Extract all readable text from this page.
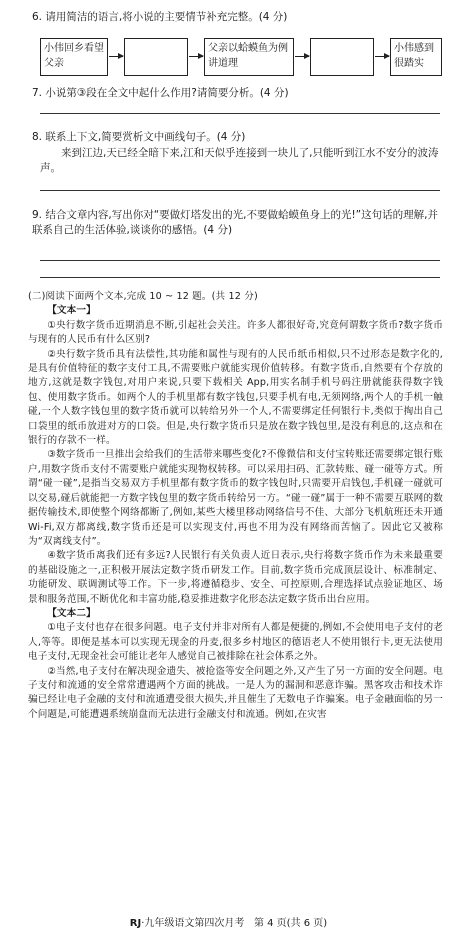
6. 请用简洁的语言,将小说的主要情节补充完整。(4 分)
小伟回乡看望父亲
父亲以蛤蟆鱼为例讲道理
小伟感到很踏实
7. 小说第③段在全文中起什么作用?请简要分析。(4 分)
8. 联系上下文,简要赏析文中画线句子。(4 分)
来到江边,天已经全暗下来,江和天似乎连接到一块儿了,只能听到江水不安分的波涛声。
9. 结合文章内容,写出你对“要做灯塔发出的光,不要做蛤蟆鱼身上的光!”这句话的理解,并联系自己的生活体验,谈谈你的感悟。(4 分)

(二)阅读下面两个文本,完成 10 ~ 12 题。(共 12 分)

【文本一】

①央行数字货币近期消息不断,引起社会关注。许多人都很好奇,究竟何谓数字货币?数字货币与现有的人民币有什么区别?

②央行数字货币具有法偿性,其功能和属性与现有的人民币纸币相似,只不过形态是数字化的,是具有价值特征的数字支付工具,不需要账户就能实现价值转移。有数字货币,自然要有个存放的地方,这就是数字钱包,对用户来说,只要下载相关 App,用实名制手机号码注册就能获得数字钱包、使用数字货币。如两个人的手机里都有数字钱包,只要手机有电,无须网络,两个人的手机一触碰,一个人数字钱包里的数字货币就可以转给另外一个人,不需要绑定任何银行卡,类似于掏出自己口袋里的纸币放进对方的口袋。但是,央行数字货币只是放在数字钱包里,是没有利息的,这点和在银行的存款不一样。

③数字货币一旦推出会给我们的生活带来哪些变化?不像微信和支付宝转账还需要绑定银行账户,用数字货币支付不需要账户就能实现物权转移。可以采用扫码、汇款转账、碰一碰等方式。所谓“碰一碰”,是指当交易双方手机里都有数字货币的数字钱包时,只需要开启钱包,手机碰一碰就可以交易,碰后就能把一方数字钱包里的数字货币转给另一方。“碰一碰”属于一种不需要互联网的数据传输技术,即使整个网络都断了,例如,某些大楼里移动网络信号不佳、大部分飞机航班还未开通 Wi-Fi,双方都离线,数字货币还是可以实现支付,再也不用为没有网络而苦恼了。因此它又被称为“双离线支付”。

④数字货币离我们还有多远?人民银行有关负责人近日表示,央行将数字货币作为未来最重要的基础设施之一,正积极开展法定数字货币研发工作。目前,数字货币完成顶层设计、标准制定、功能研发、联调测试等工作。下一步,将遵循稳步、安全、可控原则,合理选择试点验证地区、场景和服务范围,不断优化和丰富功能,稳妥推进数字化形态法定数字货币出台应用。

【文本二】

①电子支付也存在很多问题。电子支付并非对所有人都是便捷的,例如,不会使用电子支付的老人,等等。即便是基本可以实现无现金的丹麦,很多乡村地区的德语老人不使用银行卡,更无法使用电子支付,无现金社会可能让老年人感觉自己被排除在社会体系之外。

②当然,电子支付在解决现金遗失、被抢盗等安全问题之外,又产生了另一方面的安全问题。电子支付和流通的安全常常遭遇两个方面的挑战。一是人为的漏洞和恶意诈骗。黑客攻击和技术诈骗已经让电子金融的支付和流通遭受很大损失,并且催生了无数电子诈骗案。电子金融面临的另一个问题是,可能遭遇系统崩盘而无法进行金融支付和流通。例如,在灾害

RJ·九年级语文第四次月考 第 4 页(共 6 页)
